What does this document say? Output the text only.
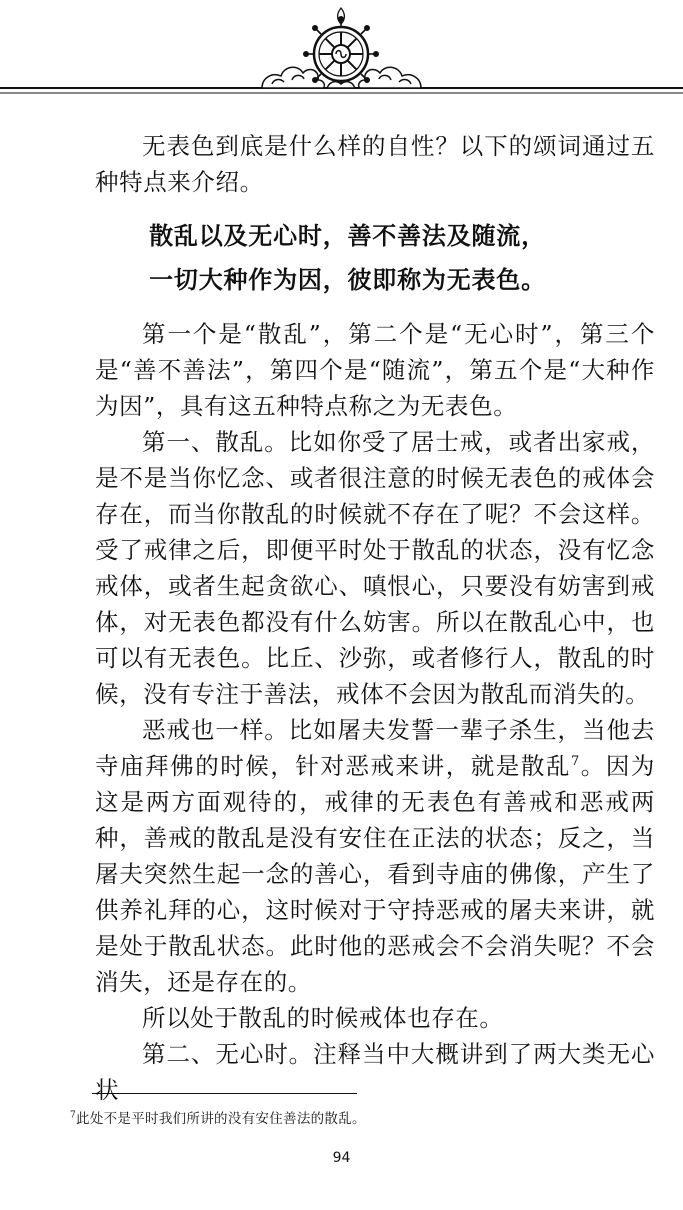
无表色到底是什么样的自性？以下的颂词通过五种特点来介绍。

散乱以及无心时，善不善法及随流，

一切大种作为因，彼即称为无表色。

第一个是“散乱”，第二个是“无心时”，第三个是“善不善法”，第四个是“随流”，第五个是“大种作为因”，具有这五种特点称之为无表色。

第一、散乱。比如你受了居士戒，或者出家戒，是不是当你忆念、或者很注意的时候无表色的戒体会存在，而当你散乱的时候就不存在了呢？不会这样。受了戒律之后，即便平时处于散乱的状态，没有忆念戒体，或者生起贪欲心、嗔恨心，只要没有妨害到戒体，对无表色都没有什么妨害。所以在散乱心中，也可以有无表色。比丘、沙弥，或者修行人，散乱的时候，没有专注于善法，戒体不会因为散乱而消失的。

恶戒也一样。比如屠夫发誓一辈子杀生，当他去寺庙拜佛的时候，针对恶戒来讲，就是散乱$^7$。因为这是两方面观待的，戒律的无表色有善戒和恶戒两种，善戒的散乱是没有安住在正法的状态；反之，当屠夫突然生起一念的善心，看到寺庙的佛像，产生了供养礼拜的心，这时候对于守持恶戒的屠夫来讲，就是处于散乱状态。此时他的恶戒会不会消失呢？不会消失，还是存在的。

所以处于散乱的时候戒体也存在。

第二、无心时。注释当中大概讲到了两大类无心状

$^7$此处不是平时我们所讲的没有安住善法的散乱。
94
